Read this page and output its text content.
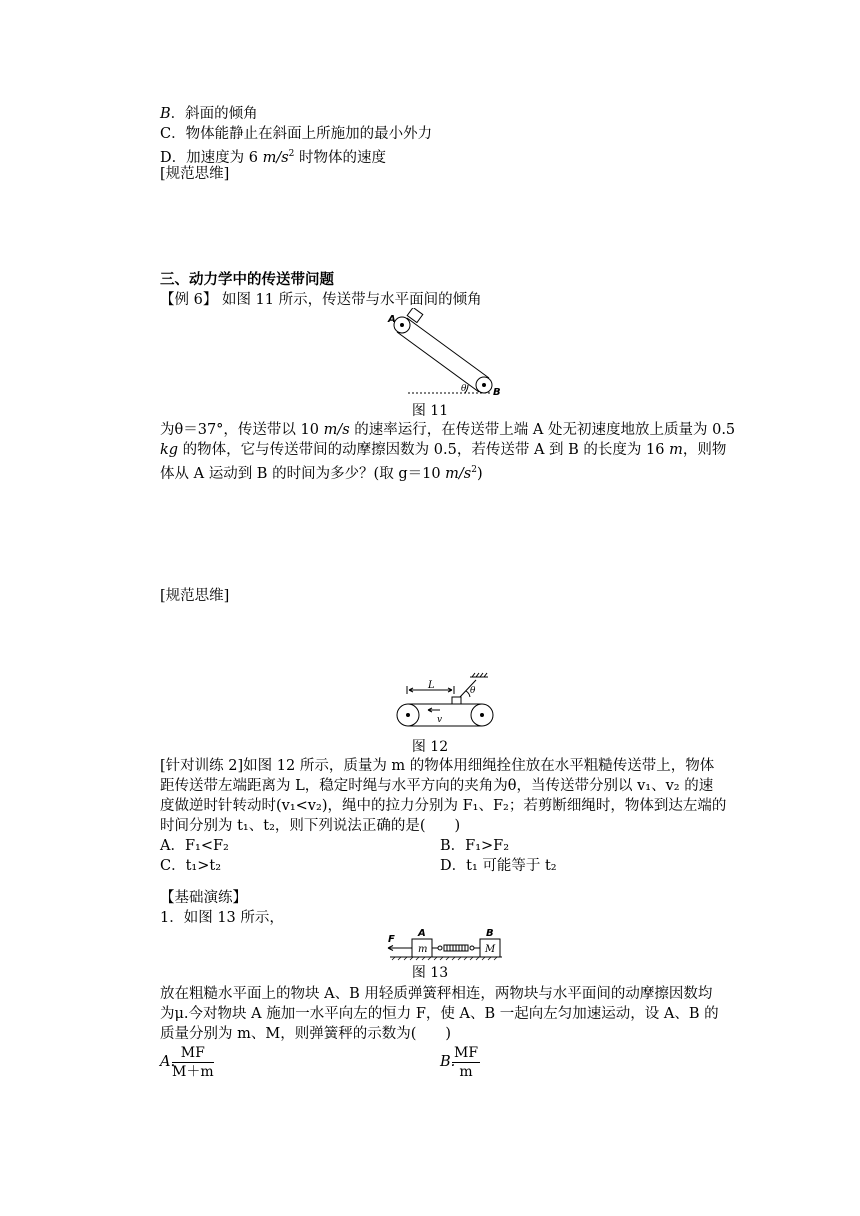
B．斜面的倾角
C．物体能静止在斜面上所施加的最小外力
D．加速度为 6 $m/s^2$ 时物体的速度
[规范思维]
三、动力学中的传送带问题
【例 6】 如图 11 所示，传送带与水平面间的倾角
A
B
θ
图 11
为θ＝37°，传送带以 10 m/s 的速率运行，在传送带上端 A 处无初速度地放上质量为 0.5
kg 的物体，它与传送带间的动摩擦因数为 0.5，若传送带 A 到 B 的长度为 16 m，则物
体从 A 运动到 B 的时间为多少？(取 g＝10 $m/s^2$)
[规范思维]
L
v
θ
图 12
[针对训练 2]如图 12 所示，质量为 m 的物体用细绳拴住放在水平粗糙传送带上，物体
距传送带左端距离为 L，稳定时绳与水平方向的夹角为θ，当传送带分别以 v₁、v₂ 的速
度做逆时针转动时(v₁<v₂)，绳中的拉力分别为 F₁、F₂；若剪断细绳时，物体到达左端的
时间分别为 t₁、t₂，则下列说法正确的是(　　)
A．F₁<F₂	B．F₁>F₂
C．t₁>t₂	D．t₁ 可能等于 t₂
【基础演练】
1．如图 13 所示，
F
A	B
m	M
图 13
放在粗糙水平面上的物块 A、B 用轻质弹簧秤相连，两物块与水平面间的动摩擦因数均
为μ.今对物块 A 施加一水平向左的恒力 F，使 A、B 一起向左匀加速运动，设 A、B 的
质量分别为 m、M，则弹簧秤的示数为(　　)
A.
$\frac{MF}{M+m}$	B.
$\frac{MF}{m}$
